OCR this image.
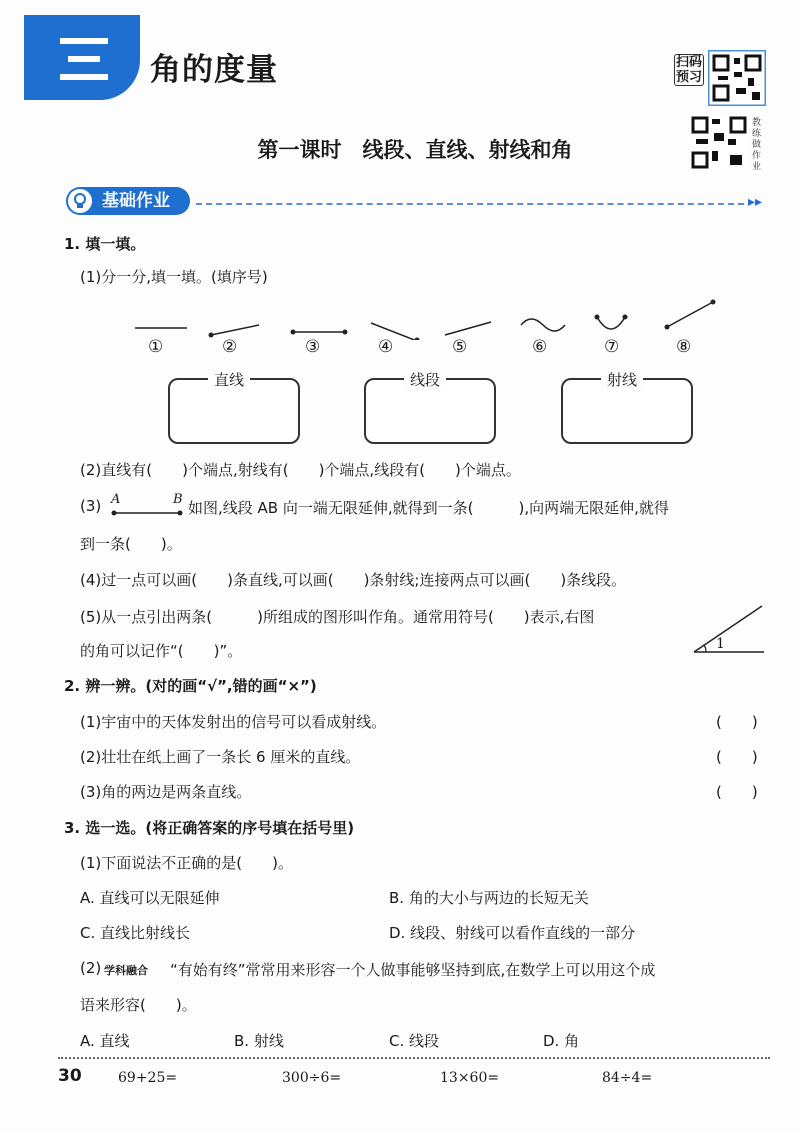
角的度量	扫码预习
教练做作业
第一课时　线段、直线、射线和角
基础作业	▸▸
1. 填一填。
(1)分一分,填一填。(填序号)
①	②	③	④	⑤	⑥	⑦	⑧
直线	线段	射线
(2)直线有(　　)个端点,射线有(　　)个端点,线段有(　　)个端点。
(3) A	B 如图,线段 AB 向一端无限延伸,就得到一条(　　　),向两端无限延伸,就得
到一条(　　)。
(4)过一点可以画(　　)条直线,可以画(　　)条射线;连接两点可以画(　　)条线段。
(5)从一点引出两条(　　　)所组成的图形叫作角。通常用符号(　　)表示,右图
的角可以记作“(　　)”。	1
2. 辨一辨。(对的画“√”,错的画“×”)
(1)宇宙中的天体发射出的信号可以看成射线。	(　　)
(2)壮壮在纸上画了一条长 6 厘米的直线。	(　　)
(3)角的两边是两条直线。	(　　)
3. 选一选。(将正确答案的序号填在括号里)
(1)下面说法不正确的是(　　)。
A. 直线可以无限延伸	B. 角的大小与两边的长短无关
C. 直线比射线长	D. 线段、射线可以看作直线的一部分
(2) 学科融合 “有始有终”常常用来形容一个人做事能够坚持到底,在数学上可以用这个成
语来形容(　　)。
A. 直线	B. 射线	C. 线段	D. 角
30	69+25=	300÷6=	13×60=	84÷4=
